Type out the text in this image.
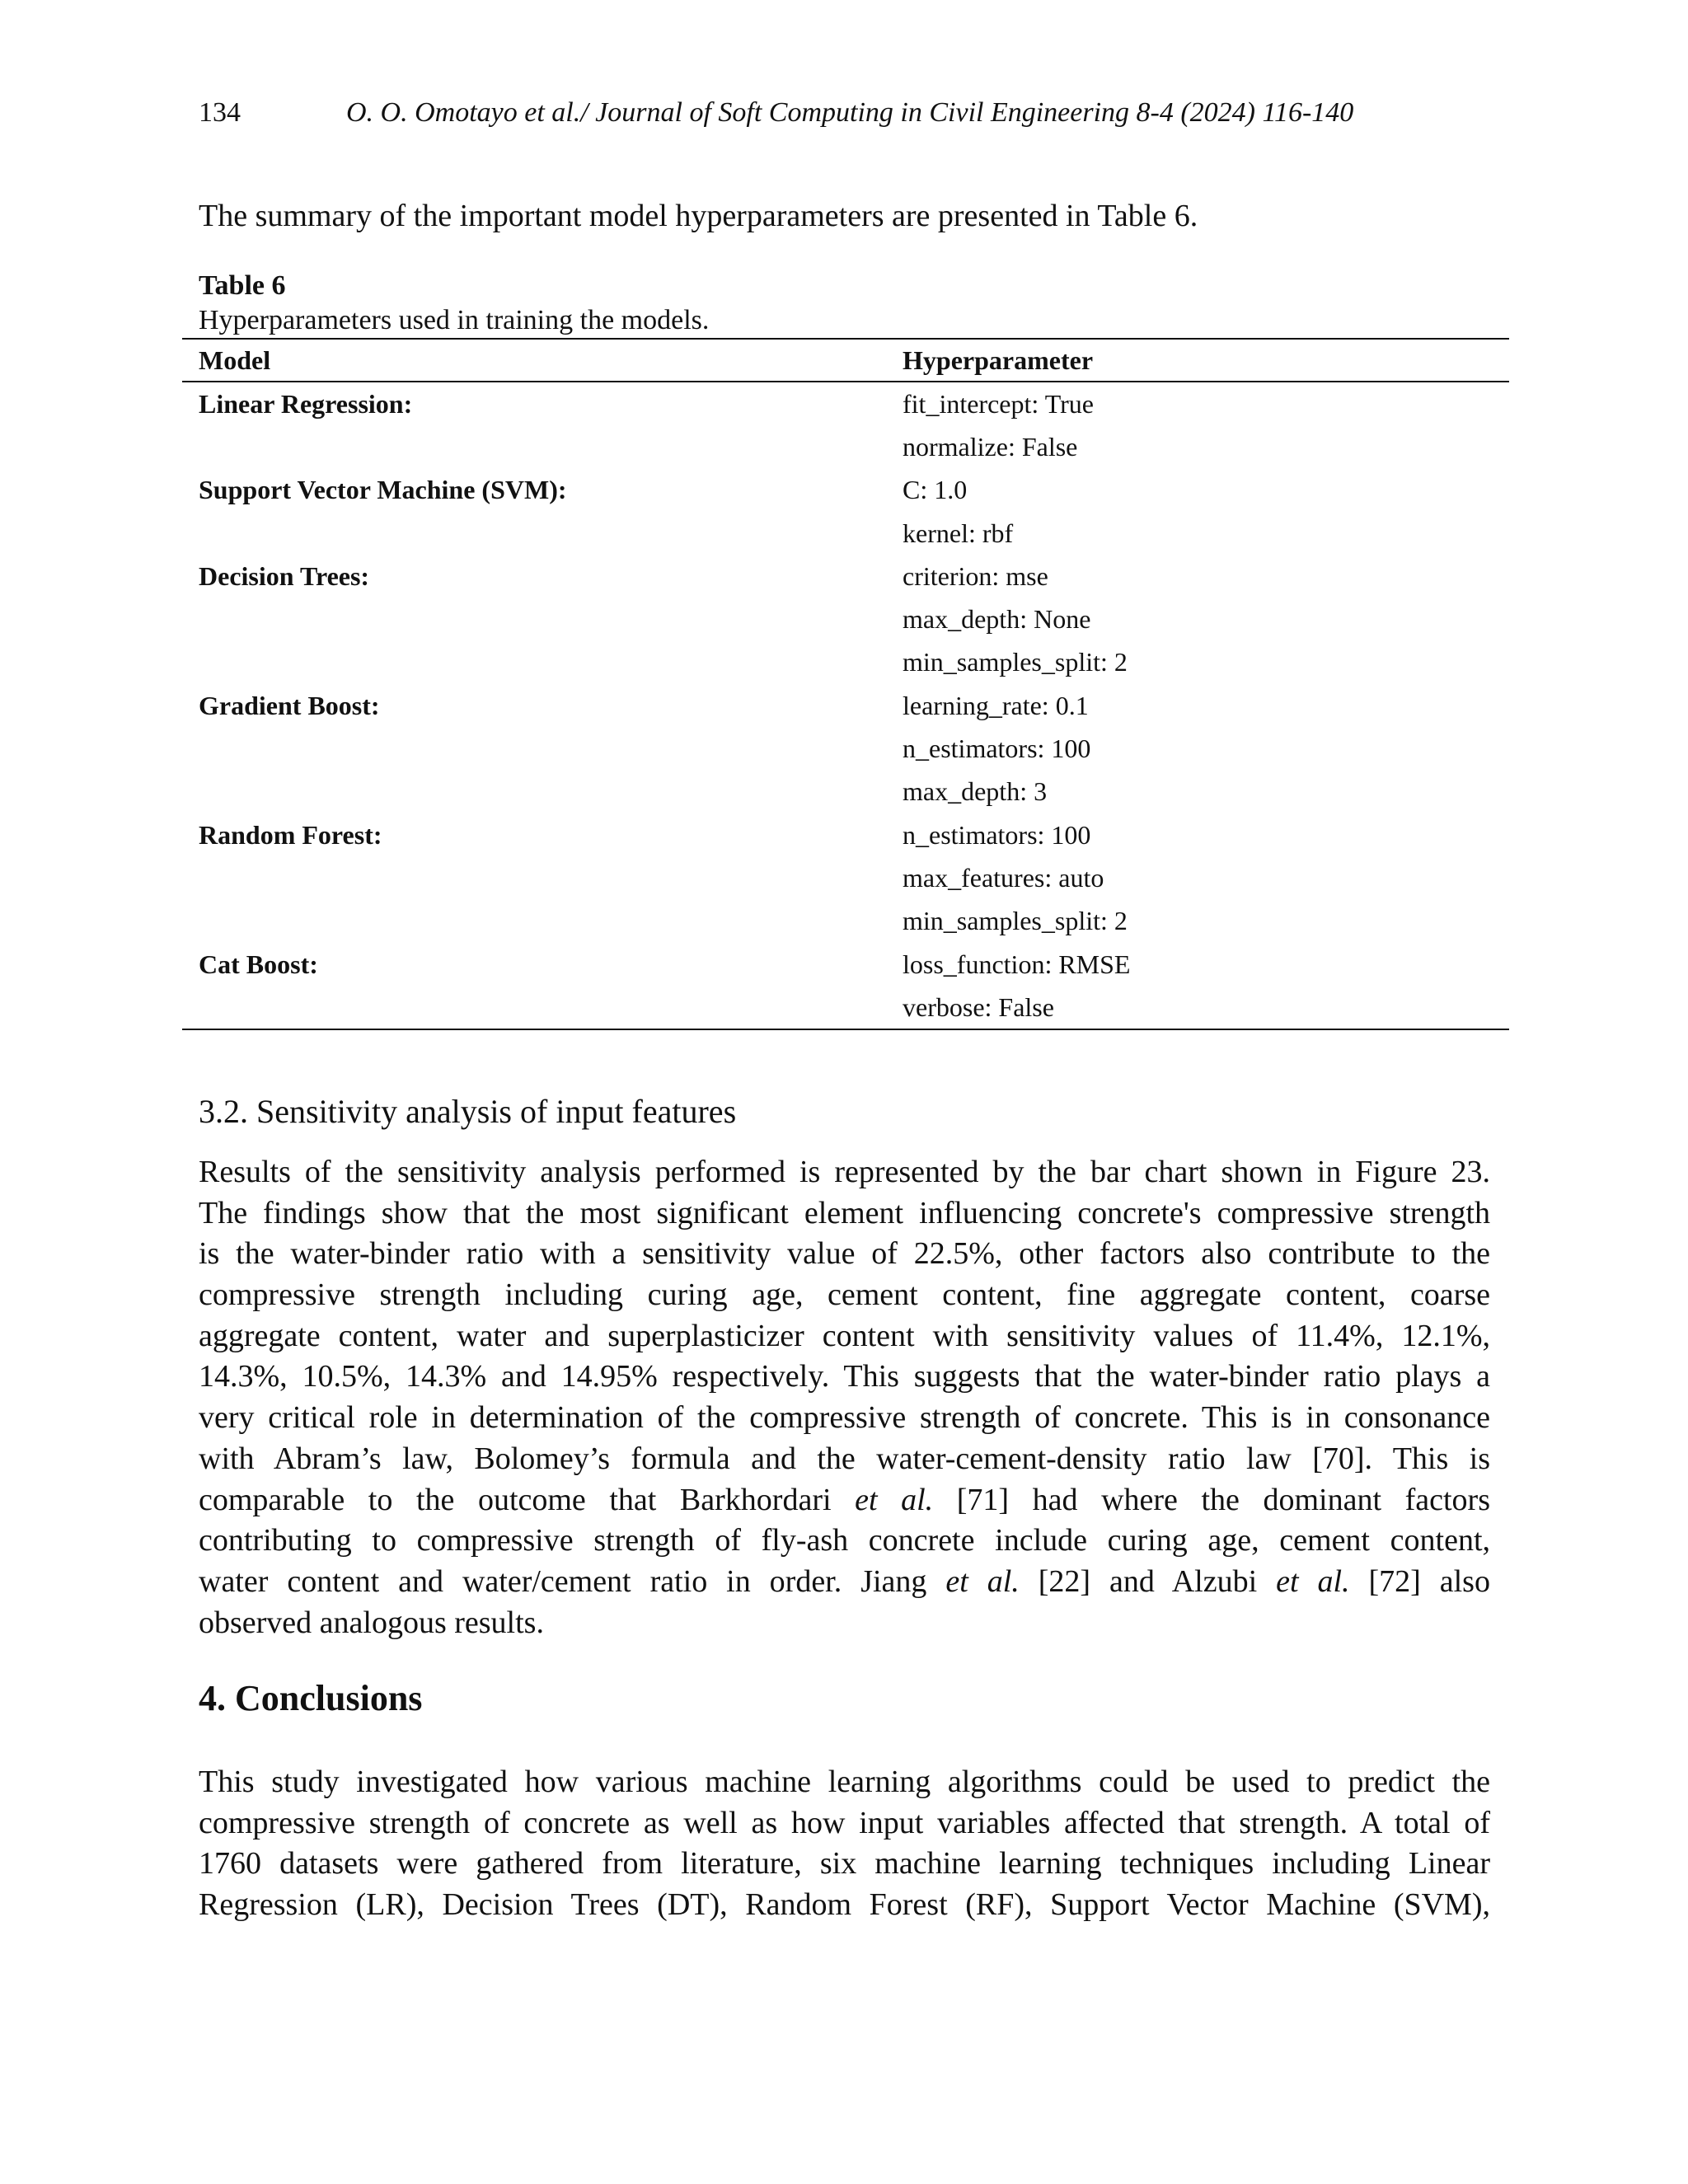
134	O. O. Omotayo et al./ Journal of Soft Computing in Civil Engineering 8-4 (2024) 116-140
The summary of the important model hyperparameters are presented in Table 6.
Table 6
Hyperparameters used in training the models.
Model	Hyperparameter
Linear Regression:	fit_intercept: True
	normalize: False
Support Vector Machine (SVM):	C: 1.0
	kernel: rbf
Decision Trees:	criterion: mse
	max_depth: None
	min_samples_split: 2
Gradient Boost:	learning_rate: 0.1
	n_estimators: 100
	max_depth: 3
Random Forest:	n_estimators: 100
	max_features: auto
	min_samples_split: 2
Cat Boost:	loss_function: RMSE
	verbose: False
3.2. Sensitivity analysis of input features
Results of the sensitivity analysis performed is represented by the bar chart shown in Figure 23.
The findings show that the most significant element influencing concrete's compressive strength
is the water-binder ratio with a sensitivity value of 22.5%, other factors also contribute to the
compressive strength including curing age, cement content, fine aggregate content, coarse
aggregate content, water and superplasticizer content with sensitivity values of 11.4%, 12.1%,
14.3%, 10.5%, 14.3% and 14.95% respectively. This suggests that the water-binder ratio plays a
very critical role in determination of the compressive strength of concrete. This is in consonance
with Abram’s law, Bolomey’s formula and the water-cement-density ratio law [70]. This is
comparable to the outcome that Barkhordari et al. [71] had where the dominant factors
contributing to compressive strength of fly-ash concrete include curing age, cement content,
water content and water/cement ratio in order. Jiang et al. [22] and Alzubi et al. [72] also
observed analogous results.
4. Conclusions
This study investigated how various machine learning algorithms could be used to predict the
compressive strength of concrete as well as how input variables affected that strength. A total of
1760 datasets were gathered from literature, six machine learning techniques including Linear
Regression (LR), Decision Trees (DT), Random Forest (RF), Support Vector Machine (SVM),
